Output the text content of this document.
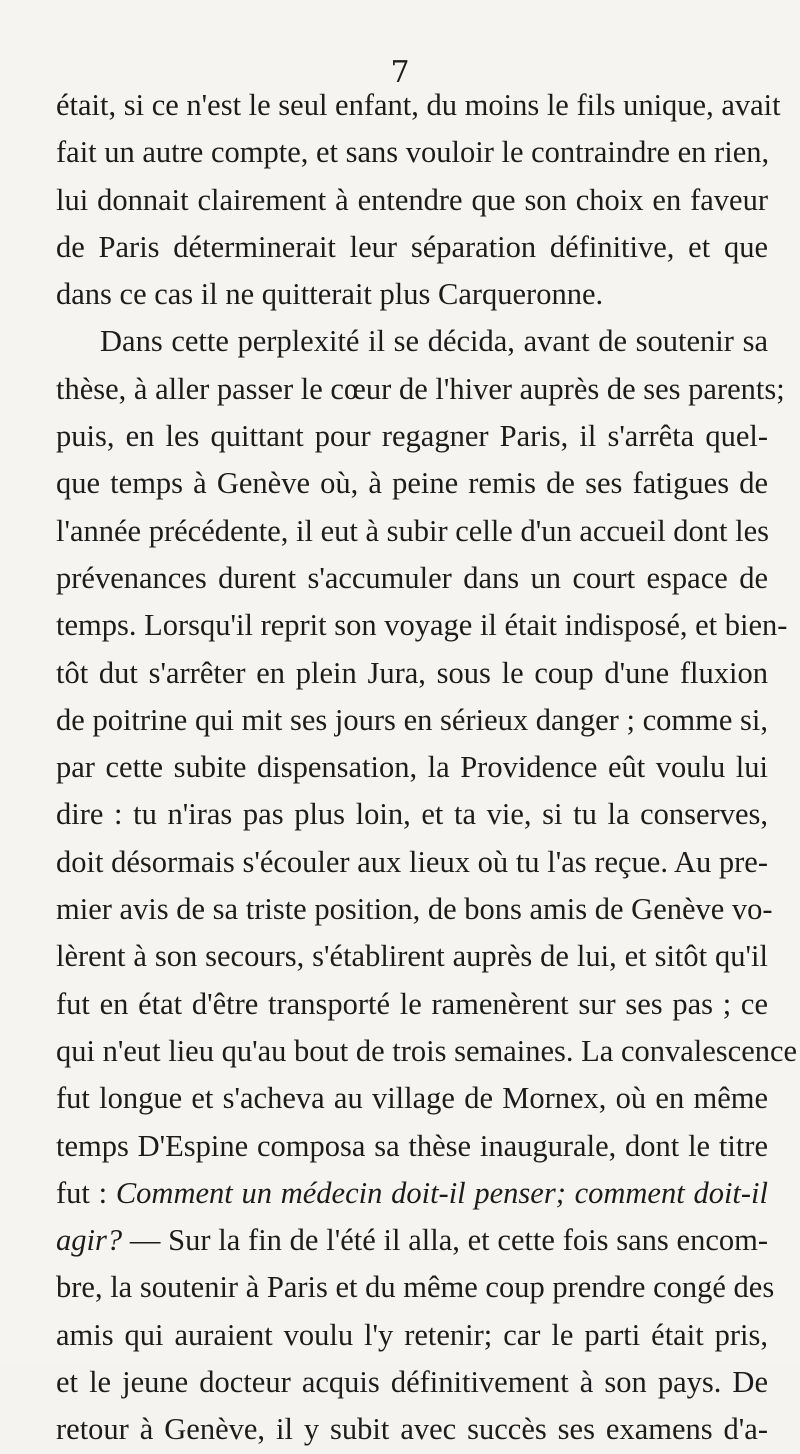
7
était, si ce n'est le seul enfant, du moins le fils unique, avait
fait un autre compte, et sans vouloir le contraindre en rien,
lui donnait clairement à entendre que son choix en faveur
de Paris déterminerait leur séparation définitive, et que
dans ce cas il ne quitterait plus Carqueronne.
Dans cette perplexité il se décida, avant de soutenir sa
thèse, à aller passer le cœur de l'hiver auprès de ses parents;
puis, en les quittant pour regagner Paris, il s'arrêta quel-
que temps à Genève où, à peine remis de ses fatigues de
l'année précédente, il eut à subir celle d'un accueil dont les
prévenances durent s'accumuler dans un court espace de
temps. Lorsqu'il reprit son voyage il était indisposé, et bien-
tôt dut s'arrêter en plein Jura, sous le coup d'une fluxion
de poitrine qui mit ses jours en sérieux danger ; comme si,
par cette subite dispensation, la Providence eût voulu lui
dire : tu n'iras pas plus loin, et ta vie, si tu la conserves,
doit désormais s'écouler aux lieux où tu l'as reçue. Au pre-
mier avis de sa triste position, de bons amis de Genève vo-
lèrent à son secours, s'établirent auprès de lui, et sitôt qu'il
fut en état d'être transporté le ramenèrent sur ses pas ; ce
qui n'eut lieu qu'au bout de trois semaines. La convalescence
fut longue et s'acheva au village de Mornex, où en même
temps D'Espine composa sa thèse inaugurale, dont le titre
fut : Comment un médecin doit-il penser; comment doit-il
agir? — Sur la fin de l'été il alla, et cette fois sans encom-
bre, la soutenir à Paris et du même coup prendre congé des
amis qui auraient voulu l'y retenir; car le parti était pris,
et le jeune docteur acquis définitivement à son pays. De
retour à Genève, il y subit avec succès ses examens d'a-
